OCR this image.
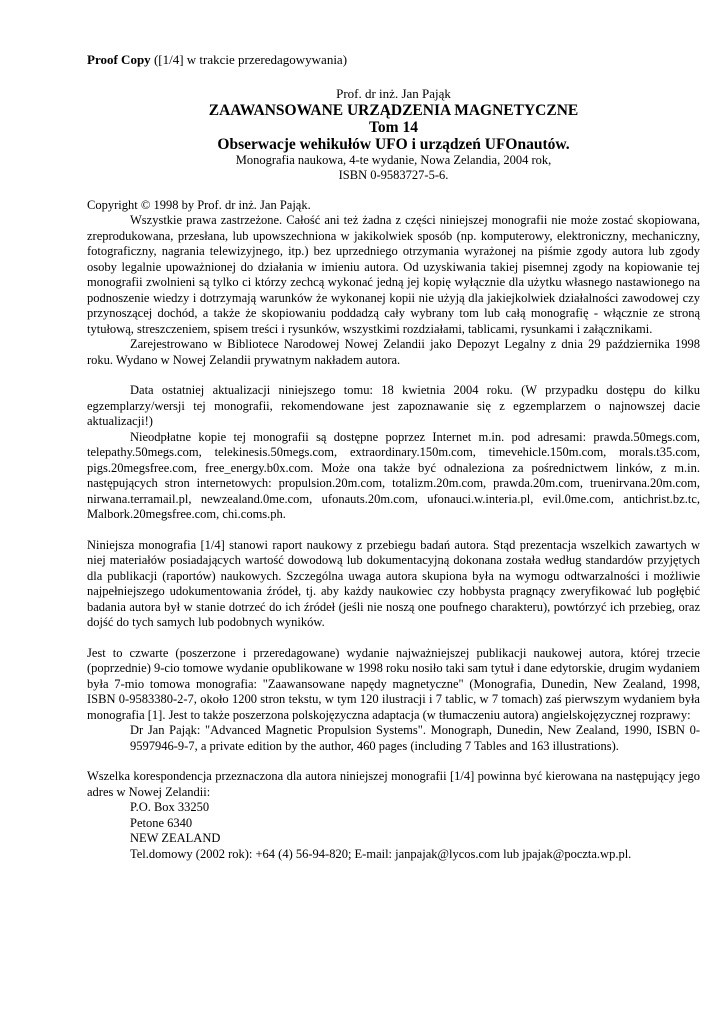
Proof Copy ([1/4] w trakcie przeredagowywania)
Prof. dr inż. Jan Pająk
ZAAWANSOWANE URZĄDZENIA MAGNETYCZNE
Tom 14
Obserwacje wehikułów UFO i urządzeń UFOnautów.
Monografia naukowa, 4-te wydanie, Nowa Zelandia, 2004 rok,
ISBN 0-9583727-5-6.

Copyright © 1998 by Prof. dr inż. Jan Pająk.

Wszystkie prawa zastrzeżone. Całość ani też żadna z części niniejszej monografii nie może zostać skopiowana, zreprodukowana, przesłana, lub upowszechniona w jakikolwiek sposób (np. komputerowy, elektroniczny, mechaniczny, fotograficzny, nagrania telewizyjnego, itp.) bez uprzedniego otrzymania wyrażonej na piśmie zgody autora lub zgody osoby legalnie upoważnionej do działania w imieniu autora. Od uzyskiwania takiej pisemnej zgody na kopiowanie tej monografii zwolnieni są tylko ci którzy zechcą wykonać jedną jej kopię wyłącznie dla użytku własnego nastawionego na podnoszenie wiedzy i dotrzymają warunków że wykonanej kopii nie użyją dla jakiejkolwiek działalności zawodowej czy przynoszącej dochód, a także że skopiowaniu poddadzą cały wybrany tom lub całą monografię - włącznie ze stroną tytułową, streszczeniem, spisem treści i rysunków, wszystkimi rozdziałami, tablicami, rysunkami i załącznikami.

Zarejestrowano w Bibliotece Narodowej Nowej Zelandii jako Depozyt Legalny z dnia 29 października 1998 roku. Wydano w Nowej Zelandii prywatnym nakładem autora.

Data ostatniej aktualizacji niniejszego tomu: 18 kwietnia 2004 roku. (W przypadku dostępu do kilku egzemplarzy/wersji tej monografii, rekomendowane jest zapoznawanie się z egzemplarzem o najnowszej dacie aktualizacji!)

Nieodpłatne kopie tej monografii są dostępne poprzez Internet m.in. pod adresami: prawda.50megs.com, telepathy.50megs.com, telekinesis.50megs.com, extraordinary.150m.com, timevehicle.150m.com, morals.t35.com, pigs.20megsfree.com, free_energy.b0x.com. Może ona także być odnaleziona za pośrednictwem linków, z m.in. następujących stron internetowych: propulsion.20m.com, totalizm.20m.com, prawda.20m.com, truenirvana.20m.com, nirwana.terramail.pl, newzealand.0me.com, ufonauts.20m.com, ufonauci.w.interia.pl, evil.0me.com, antichrist.bz.tc, Malbork.20megsfree.com, chi.coms.ph.

Niniejsza monografia [1/4] stanowi raport naukowy z przebiegu badań autora. Stąd prezentacja wszelkich zawartych w niej materiałów posiadających wartość dowodową lub dokumentacyjną dokonana została według standardów przyjętych dla publikacji (raportów) naukowych. Szczególna uwaga autora skupiona była na wymogu odtwarzalności i możliwie najpełniejszego udokumentowania źródeł, tj. aby każdy naukowiec czy hobbysta pragnący zweryfikować lub pogłębić badania autora był w stanie dotrzeć do ich źródeł (jeśli nie noszą one poufnego charakteru), powtórzyć ich przebieg, oraz dojść do tych samych lub podobnych wyników.

Jest to czwarte (poszerzone i przeredagowane) wydanie najważniejszej publikacji naukowej autora, której trzecie (poprzednie) 9-cio tomowe wydanie opublikowane w 1998 roku nosiło taki sam tytuł i dane edytorskie, drugim wydaniem była 7-mio tomowa monografia: "Zaawansowane napędy magnetyczne" (Monografia, Dunedin, New Zealand, 1998, ISBN 0-9583380-2-7, około 1200 stron tekstu, w tym 120 ilustracji i 7 tablic, w 7 tomach) zaś pierwszym wydaniem była monografia [1]. Jest to także poszerzona polskojęzyczna adaptacja (w tłumaczeniu autora) angielskojęzycznej rozprawy:

Dr Jan Pająk: "Advanced Magnetic Propulsion Systems". Monograph, Dunedin, New Zealand, 1990, ISBN 0-9597946-9-7, a private edition by the author, 460 pages (including 7 Tables and 163 illustrations).

Wszelka korespondencja przeznaczona dla autora niniejszej monografii [1/4] powinna być kierowana na następujący jego adres w Nowej Zelandii:

P.O. Box 33250
Petone 6340
NEW ZEALAND

Tel.domowy (2002 rok): +64 (4) 56-94-820; E-mail: janpajak@lycos.com lub jpajak@poczta.wp.pl.
